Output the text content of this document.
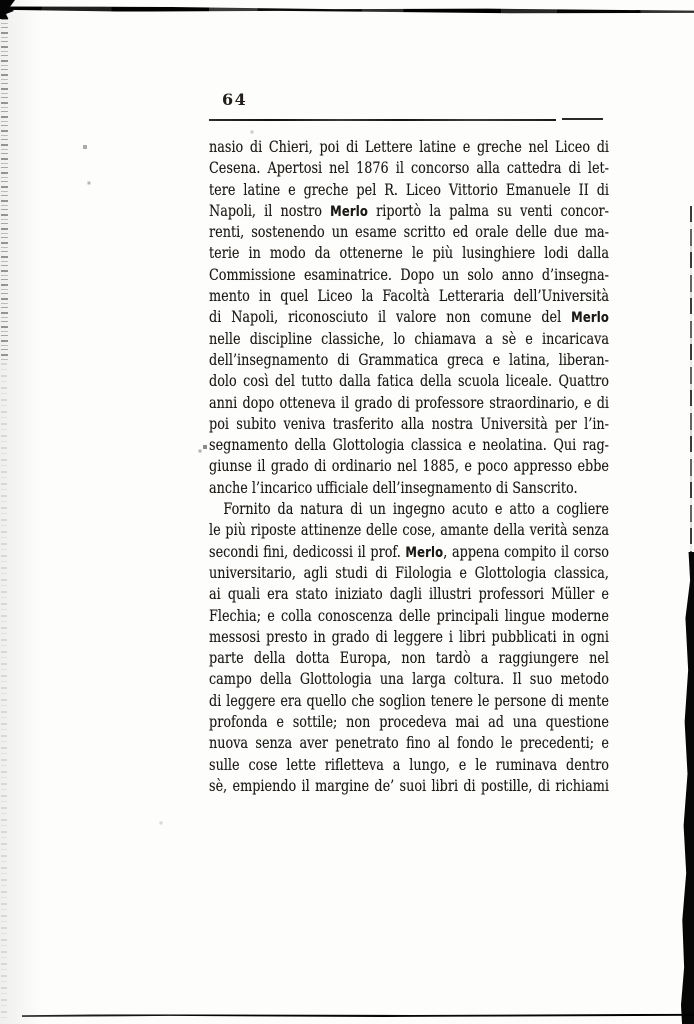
64
nasio di Chieri, poi di Lettere latine e greche nel Liceo di
Cesena. Apertosi nel 1876 il concorso alla cattedra di let-
tere latine e greche pel R. Liceo Vittorio Emanuele II di
Napoli, il nostro Merlo riportò la palma su venti concor-
renti, sostenendo un esame scritto ed orale delle due ma-
terie in modo da ottenerne le più lusinghiere lodi dalla
Commissione esaminatrice. Dopo un solo anno d’insegna-
mento in quel Liceo la Facoltà Letteraria dell’Università
di Napoli, riconosciuto il valore non comune del Merlo
nelle discipline classiche, lo chiamava a sè e incaricava
dell’insegnamento di Grammatica greca e latina, liberan-
dolo così del tutto dalla fatica della scuola liceale. Quattro
anni dopo otteneva il grado di professore straordinario, e di
poi subito veniva trasferito alla nostra Università per l’in-
segnamento della Glottologia classica e neolatina. Qui rag-
giunse il grado di ordinario nel 1885, e poco appresso ebbe
anche l’incarico ufficiale dell’insegnamento di Sanscrito.
Fornito da natura di un ingegno acuto e atto a cogliere
le più riposte attinenze delle cose, amante della verità senza
secondi fini, dedicossi il prof. Merlo, appena compito il corso
universitario, agli studi di Filologia e Glottologia classica,
ai quali era stato iniziato dagli illustri professori Müller e
Flechia; e colla conoscenza delle principali lingue moderne
messosi presto in grado di leggere i libri pubblicati in ogni
parte della dotta Europa, non tardò a raggiungere nel
campo della Glottologia una larga coltura. Il suo metodo
di leggere era quello che soglion tenere le persone di mente
profonda e sottile; non procedeva mai ad una questione
nuova senza aver penetrato fino al fondo le precedenti; e
sulle cose lette rifletteva a lungo, e le ruminava dentro
sè, empiendo il margine de’ suoi libri di postille, di richiami
